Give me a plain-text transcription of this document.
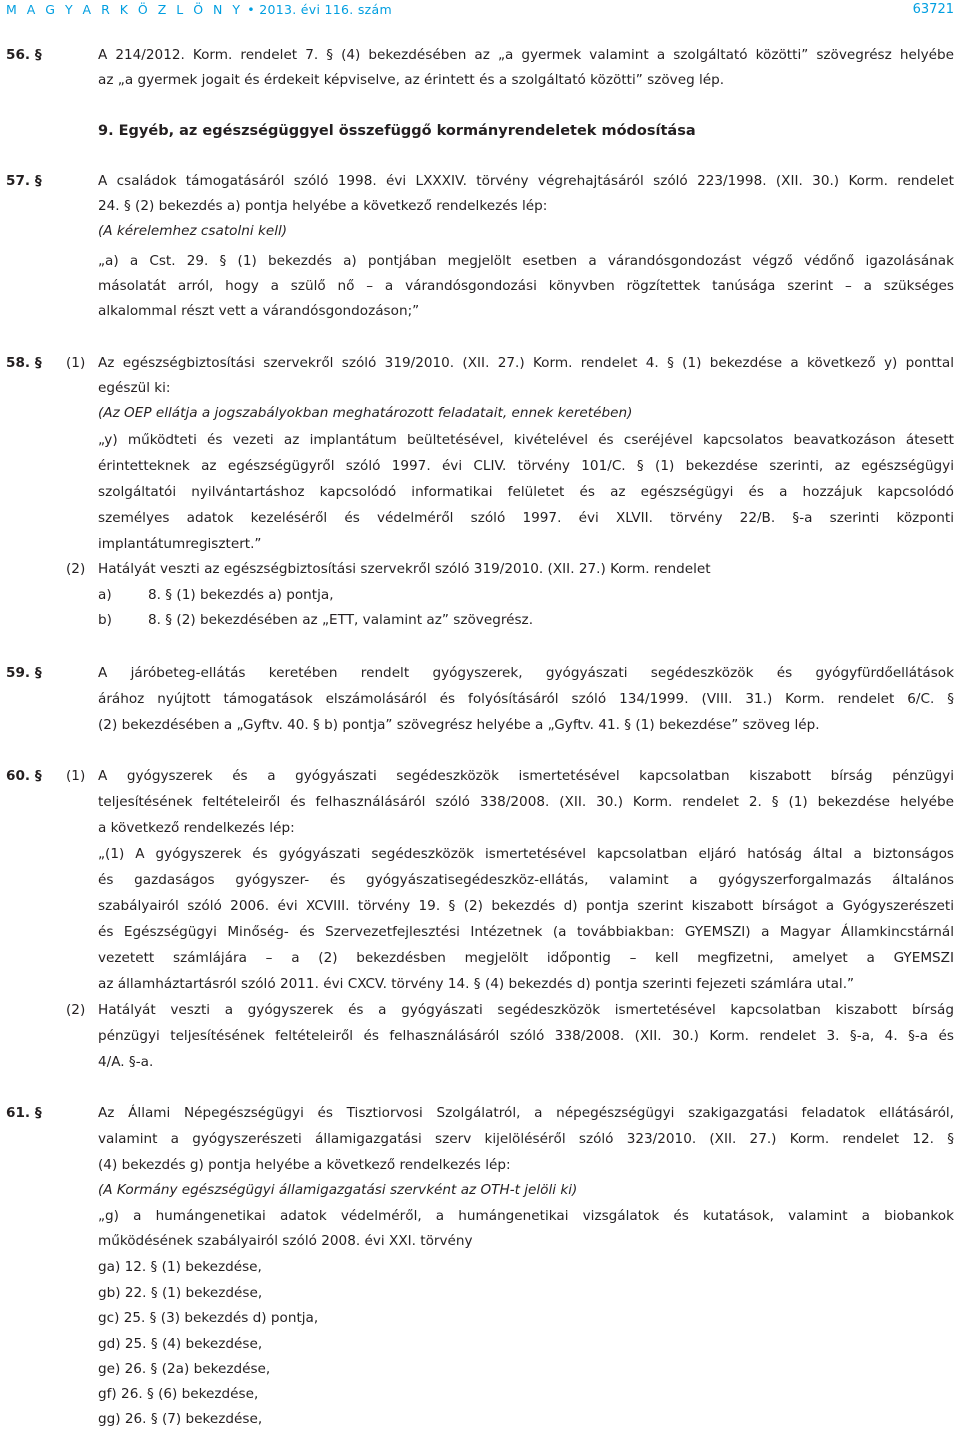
M A G Y A R K Ö Z L Ö N Y • 2013. évi 116. szám	63721
56. §	A 214/2012. Korm. rendelet 7. § (4) bekezdésében az „a gyermek valamint a szolgáltató közötti” szövegrész helyébe
az „a gyermek jogait és érdekeit képviselve, az érintett és a szolgáltató közötti” szöveg lép.
9. Egyéb, az egészségüggyel összefüggő kormányrendeletek módosítása
57. §	A családok támogatásáról szóló 1998. évi LXXXIV. törvény végrehajtásáról szóló 223/1998. (XII. 30.) Korm. rendelet
24. § (2) bekezdés a) pontja helyébe a következő rendelkezés lép:
(A kérelemhez csatolni kell)
„a) a Cst. 29. § (1) bekezdés a) pontjában megjelölt esetben a várandósgondozást végző védőnő igazolásának
másolatát arról, hogy a szülő nő – a várandósgondozási könyvben rögzítettek tanúsága szerint – a szükséges
alkalommal részt vett a várandósgondozáson;”
58. § (1) Az egészségbiztosítási szervekről szóló 319/2010. (XII. 27.) Korm. rendelet 4. § (1) bekezdése a következő y) ponttal
egészül ki:
(Az OEP ellátja a jogszabályokban meghatározott feladatait, ennek keretében)
„y) működteti és vezeti az implantátum beültetésével, kivételével és cseréjével kapcsolatos beavatkozáson átesett
érintetteknek az egészségügyről szóló 1997. évi CLIV. törvény 101/C. § (1) bekezdése szerinti, az egészségügyi
szolgáltatói nyilvántartáshoz kapcsolódó informatikai felületet és az egészségügyi és a hozzájuk kapcsolódó
személyes adatok kezeléséről és védelméről szóló 1997. évi XLVII. törvény 22/B. §-a szerinti központi
implantátumregisztert.”
(2) Hatályát veszti az egészségbiztosítási szervekről szóló 319/2010. (XII. 27.) Korm. rendelet
a)	8. § (1) bekezdés a) pontja,
b)	8. § (2) bekezdésében az „ETT, valamint az” szövegrész.
59. §	A járóbeteg-ellátás keretében rendelt gyógyszerek, gyógyászati segédeszközök és gyógyfürdőellátások
árához nyújtott támogatások elszámolásáról és folyósításáról szóló 134/1999. (VIII. 31.) Korm. rendelet 6/C. §
(2) bekezdésében a „Gyftv. 40. § b) pontja” szövegrész helyébe a „Gyftv. 41. § (1) bekezdése” szöveg lép.
60. § (1) A gyógyszerek és a gyógyászati segédeszközök ismertetésével kapcsolatban kiszabott bírság pénzügyi
teljesítésének feltételeiről és felhasználásáról szóló 338/2008. (XII. 30.) Korm. rendelet 2. § (1) bekezdése helyébe
a következő rendelkezés lép:
„(1) A gyógyszerek és gyógyászati segédeszközök ismertetésével kapcsolatban eljáró hatóság által a biztonságos
és gazdaságos gyógyszer- és gyógyászatisegédeszköz-ellátás, valamint a gyógyszerforgalmazás általános
szabályairól szóló 2006. évi XCVIII. törvény 19. § (2) bekezdés d) pontja szerint kiszabott bírságot a Gyógyszerészeti
és Egészségügyi Minőség- és Szervezetfejlesztési Intézetnek (a továbbiakban: GYEMSZI) a Magyar Államkincstárnál
vezetett számlájára – a (2) bekezdésben megjelölt időpontig – kell megfizetni, amelyet a GYEMSZI
az államháztartásról szóló 2011. évi CXCV. törvény 14. § (4) bekezdés d) pontja szerinti fejezeti számlára utal.”
(2) Hatályát veszti a gyógyszerek és a gyógyászati segédeszközök ismertetésével kapcsolatban kiszabott bírság
pénzügyi teljesítésének feltételeiről és felhasználásáról szóló 338/2008. (XII. 30.) Korm. rendelet 3. §-a, 4. §-a és
4/A. §-a.
61. §	Az Állami Népegészségügyi és Tisztiorvosi Szolgálatról, a népegészségügyi szakigazgatási feladatok ellátásáról,
valamint a gyógyszerészeti államigazgatási szerv kijelöléséről szóló 323/2010. (XII. 27.) Korm. rendelet 12. §
(4) bekezdés g) pontja helyébe a következő rendelkezés lép:
(A Kormány egészségügyi államigazgatási szervként az OTH-t jelöli ki)
„g) a humángenetikai adatok védelméről, a humángenetikai vizsgálatok és kutatások, valamint a biobankok
működésének szabályairól szóló 2008. évi XXI. törvény
ga) 12. § (1) bekezdése,
gb) 22. § (1) bekezdése,
gc) 25. § (3) bekezdés d) pontja,
gd) 25. § (4) bekezdése,
ge) 26. § (2a) bekezdése,
gf) 26. § (6) bekezdése,
gg) 26. § (7) bekezdése,
